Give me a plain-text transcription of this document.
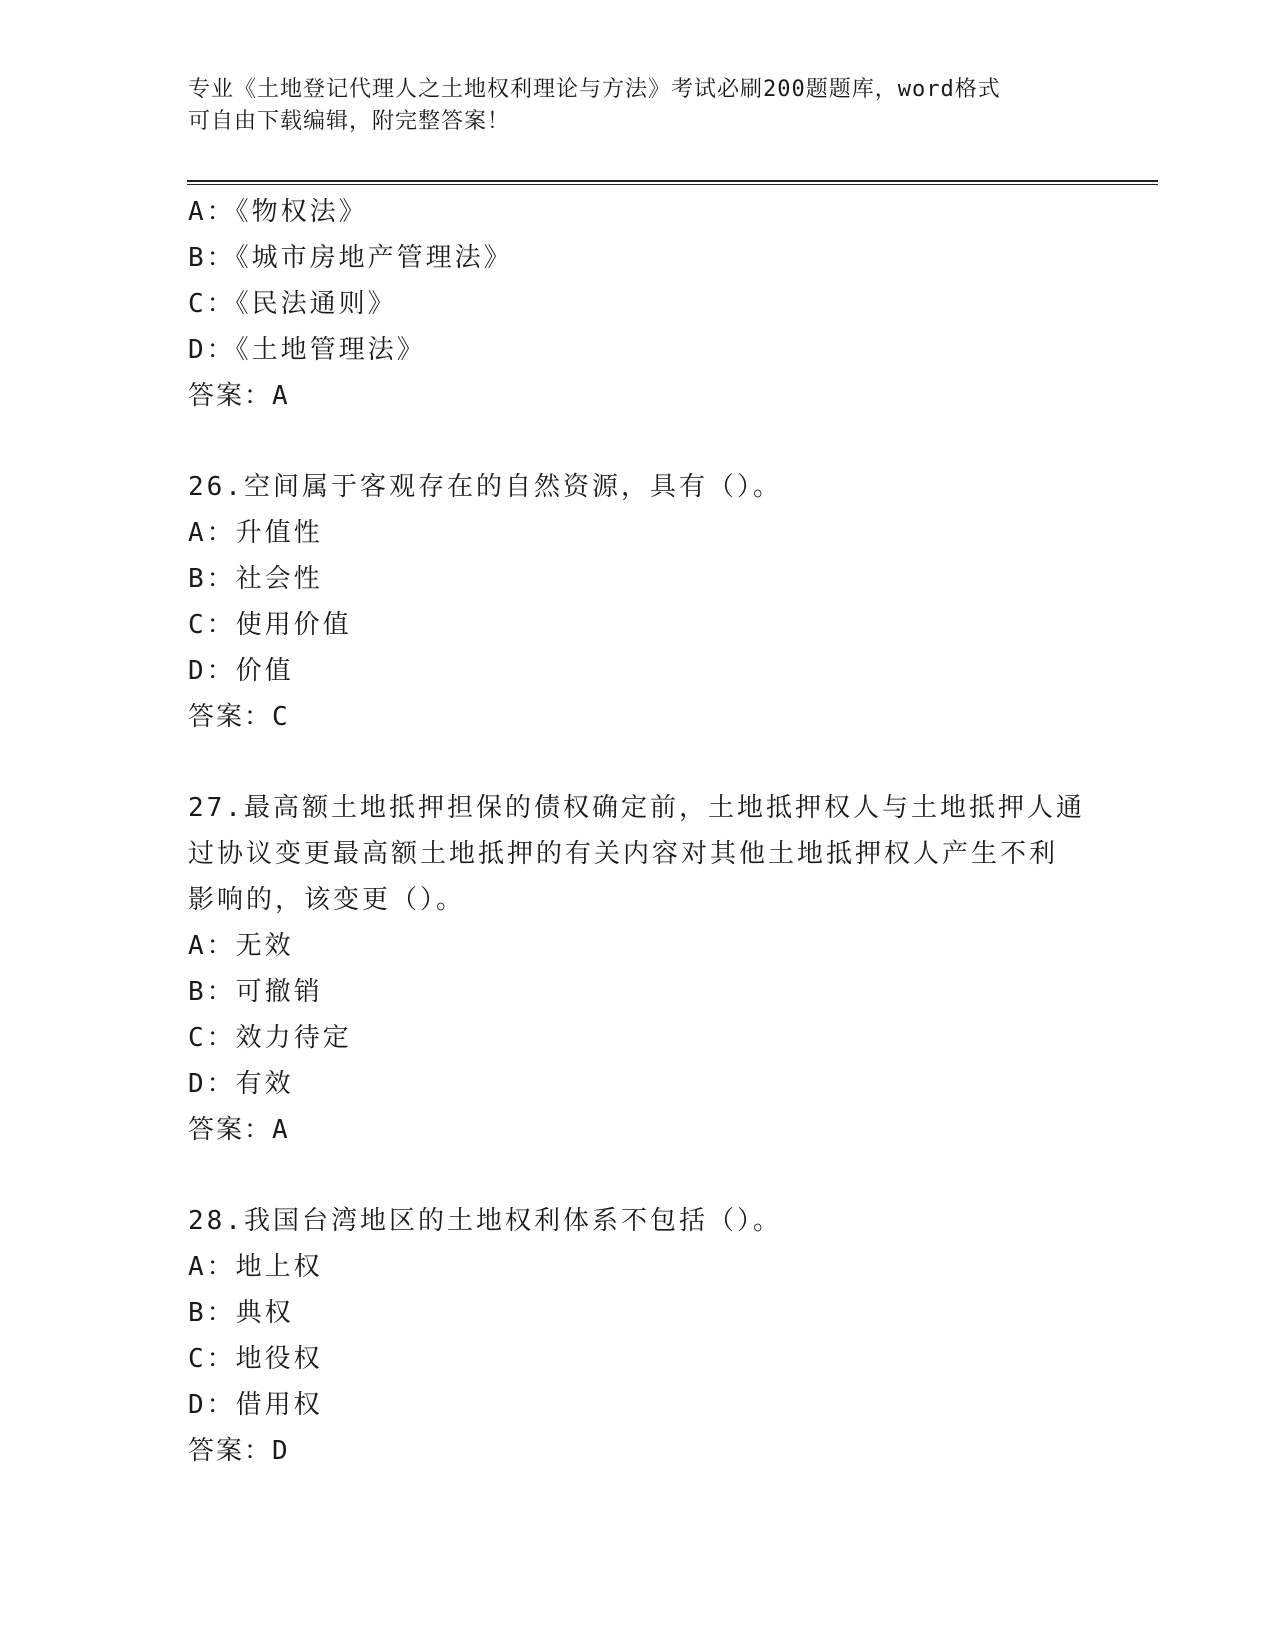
专业《土地登记代理人之土地权利理论与方法》考试必刷200题题库，word格式
可自由下载编辑，附完整答案！
A：《物权法》
B：《城市房地产管理法》
C：《民法通则》
D：《土地管理法》
答案：A
26.空间属于客观存在的自然资源，具有（）。
A：升值性
B：社会性
C：使用价值
D：价值
答案：C
27.最高额土地抵押担保的债权确定前，土地抵押权人与土地抵押人通
过协议变更最高额土地抵押的有关内容对其他土地抵押权人产生不利
影响的，该变更（）。
A：无效
B：可撤销
C：效力待定
D：有效
答案：A
28.我国台湾地区的土地权利体系不包括（）。
A：地上权
B：典权
C：地役权
D：借用权
答案：D
